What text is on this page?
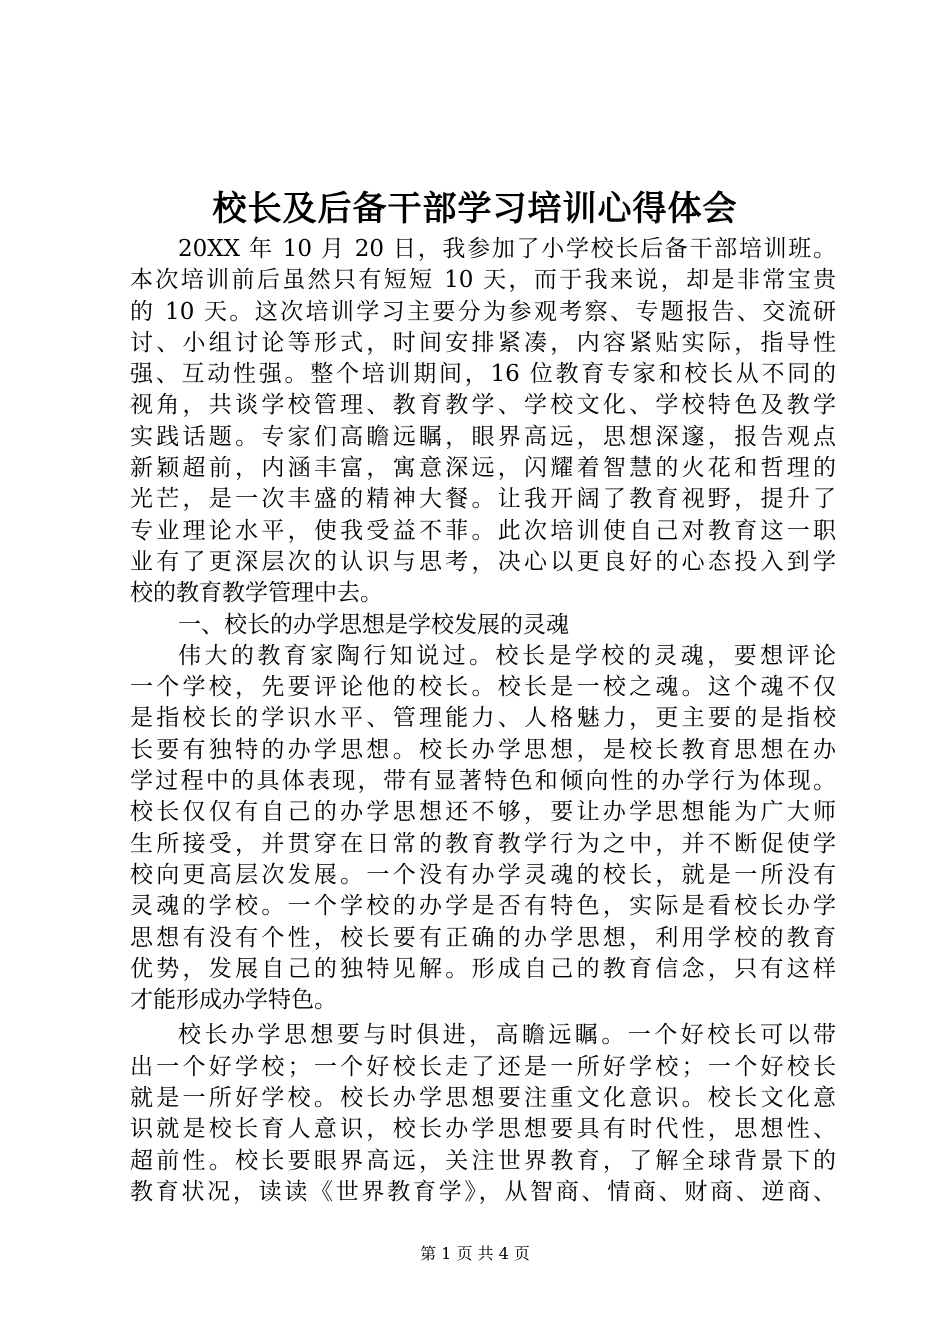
校长及后备干部学习培训心得体会
20XX 年 10 月 20 日，我参加了小学校长后备干部培训班。
本次培训前后虽然只有短短 10 天，而于我来说，却是非常宝贵
的 10 天。这次培训学习主要分为参观考察、专题报告、交流研
讨、小组讨论等形式，时间安排紧凑，内容紧贴实际，指导性
强、互动性强。整个培训期间，16 位教育专家和校长从不同的
视角，共谈学校管理、教育教学、学校文化、学校特色及教学
实践话题。专家们高瞻远瞩，眼界高远，思想深邃，报告观点
新颖超前，内涵丰富，寓意深远，闪耀着智慧的火花和哲理的
光芒，是一次丰盛的精神大餐。让我开阔了教育视野，提升了
专业理论水平，使我受益不菲。此次培训使自己对教育这一职
业有了更深层次的认识与思考，决心以更良好的心态投入到学
校的教育教学管理中去。
一、校长的办学思想是学校发展的灵魂
伟大的教育家陶行知说过。校长是学校的灵魂，要想评论
一个学校，先要评论他的校长。校长是一校之魂。这个魂不仅
是指校长的学识水平、管理能力、人格魅力，更主要的是指校
长要有独特的办学思想。校长办学思想，是校长教育思想在办
学过程中的具体表现，带有显著特色和倾向性的办学行为体现。
校长仅仅有自己的办学思想还不够，要让办学思想能为广大师
生所接受，并贯穿在日常的教育教学行为之中，并不断促使学
校向更高层次发展。一个没有办学灵魂的校长，就是一所没有
灵魂的学校。一个学校的办学是否有特色，实际是看校长办学
思想有没有个性，校长要有正确的办学思想，利用学校的教育
优势，发展自己的独特见解。形成自己的教育信念，只有这样
才能形成办学特色。
校长办学思想要与时俱进，高瞻远瞩。一个好校长可以带
出一个好学校；一个好校长走了还是一所好学校；一个好校长
就是一所好学校。校长办学思想要注重文化意识。校长文化意
识就是校长育人意识，校长办学思想要具有时代性，思想性、
超前性。校长要眼界高远，关注世界教育，了解全球背景下的
教育状况，读读《世界教育学》，从智商、情商、财商、逆商、
第 1 页 共 4 页
